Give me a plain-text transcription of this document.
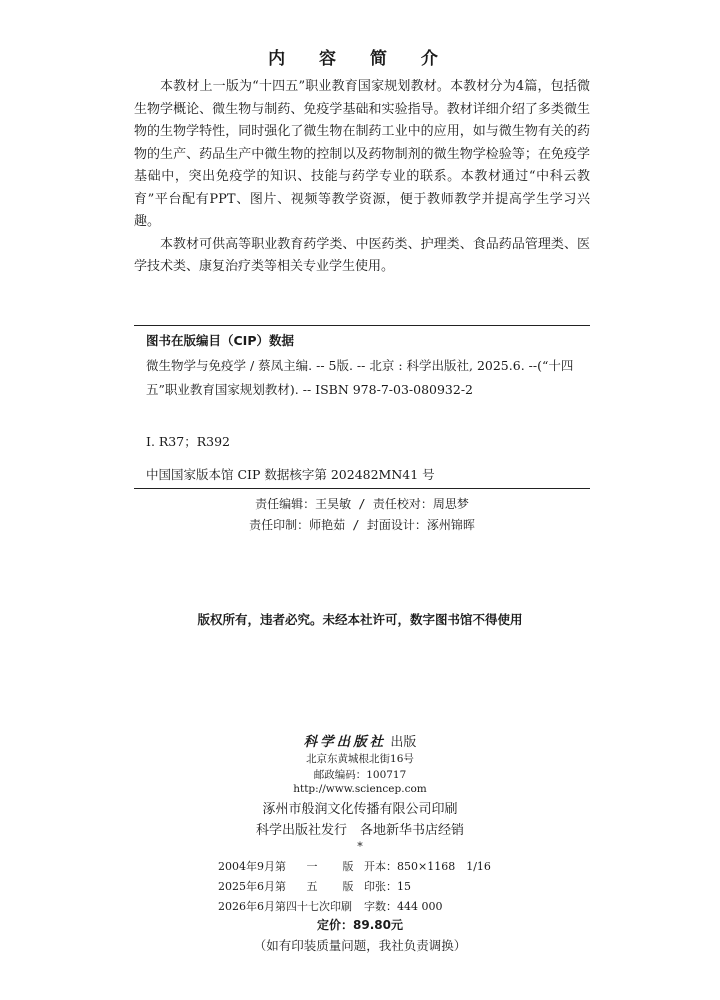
内 容 简 介

本教材上一版为“十四五”职业教育国家规划教材。本教材分为4篇，包括微生物学概论、微生物与制药、免疫学基础和实验指导。教材详细介绍了多类微生物的生物学特性，同时强化了微生物在制药工业中的应用，如与微生物有关的药物的生产、药品生产中微生物的控制以及药物制剂的微生物学检验等；在免疫学基础中，突出免疫学的知识、技能与药学专业的联系。本教材通过“中科云教育”平台配有PPT、图片、视频等教学资源，便于教师教学并提高学生学习兴趣。

本教材可供高等职业教育药学类、中医药类、护理类、食品药品管理类、医学技术类、康复治疗类等相关专业学生使用。

图书在版编目（CIP）数据
微生物学与免疫学 / 蔡凤主编. -- 5版. -- 北京 : 科学出版社, 2025.6. --(“十四五”职业教育国家规划教材). -- ISBN 978-7-03-080932-2
Ⅰ. R37；R392
中国国家版本馆 CIP 数据核字第 202482MN41 号
责任编辑：王昊敏 / 责任校对：周思梦
责任印制：师艳茹 / 封面设计：涿州锦晖
版权所有，违者必究。未经本社许可，数字图书馆不得使用
科学出版社 出版
北京东黄城根北街16号
邮政编码：100717
http://www.sciencep.com
涿州市般润文化传播有限公司印刷
科学出版社发行　各地新华书店经销
*
2004年9月第 一 版 开本：850×1168　1/16
2025年6月第 五 版 印张：15
2026年6月第四十七次印刷 字数：444 000
定价：89.80元
（如有印装质量问题，我社负责调换）
